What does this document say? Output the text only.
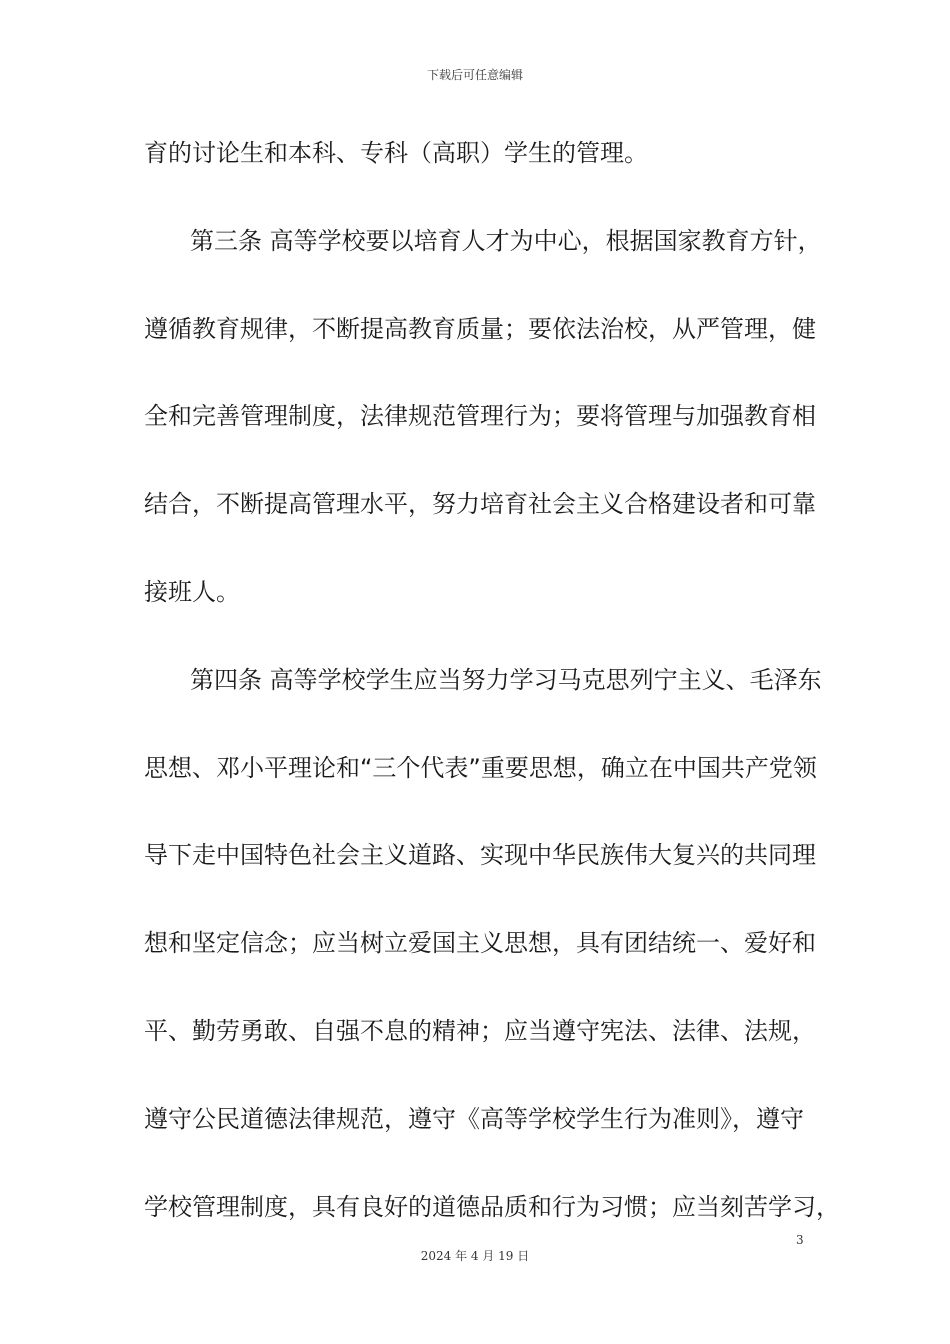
下载后可任意编辑
育的讨论生和本科、专科（高职）学生的管理。
第三条 高等学校要以培育人才为中心，根据国家教育方针，
遵循教育规律，不断提高教育质量；要依法治校，从严管理，健
全和完善管理制度，法律规范管理行为；要将管理与加强教育相
结合，不断提高管理水平，努力培育社会主义合格建设者和可靠
接班人。
第四条 高等学校学生应当努力学习马克思列宁主义、毛泽东
思想、邓小平理论和“三个代表”重要思想，确立在中国共产党领
导下走中国特色社会主义道路、实现中华民族伟大复兴的共同理
想和坚定信念；应当树立爱国主义思想，具有团结统一、爱好和
平、勤劳勇敢、自强不息的精神；应当遵守宪法、法律、法规，
遵守公民道德法律规范，遵守《高等学校学生行为准则》，遵守
学校管理制度，具有良好的道德品质和行为习惯；应当刻苦学习，
3
2024 年 4 月 19 日
